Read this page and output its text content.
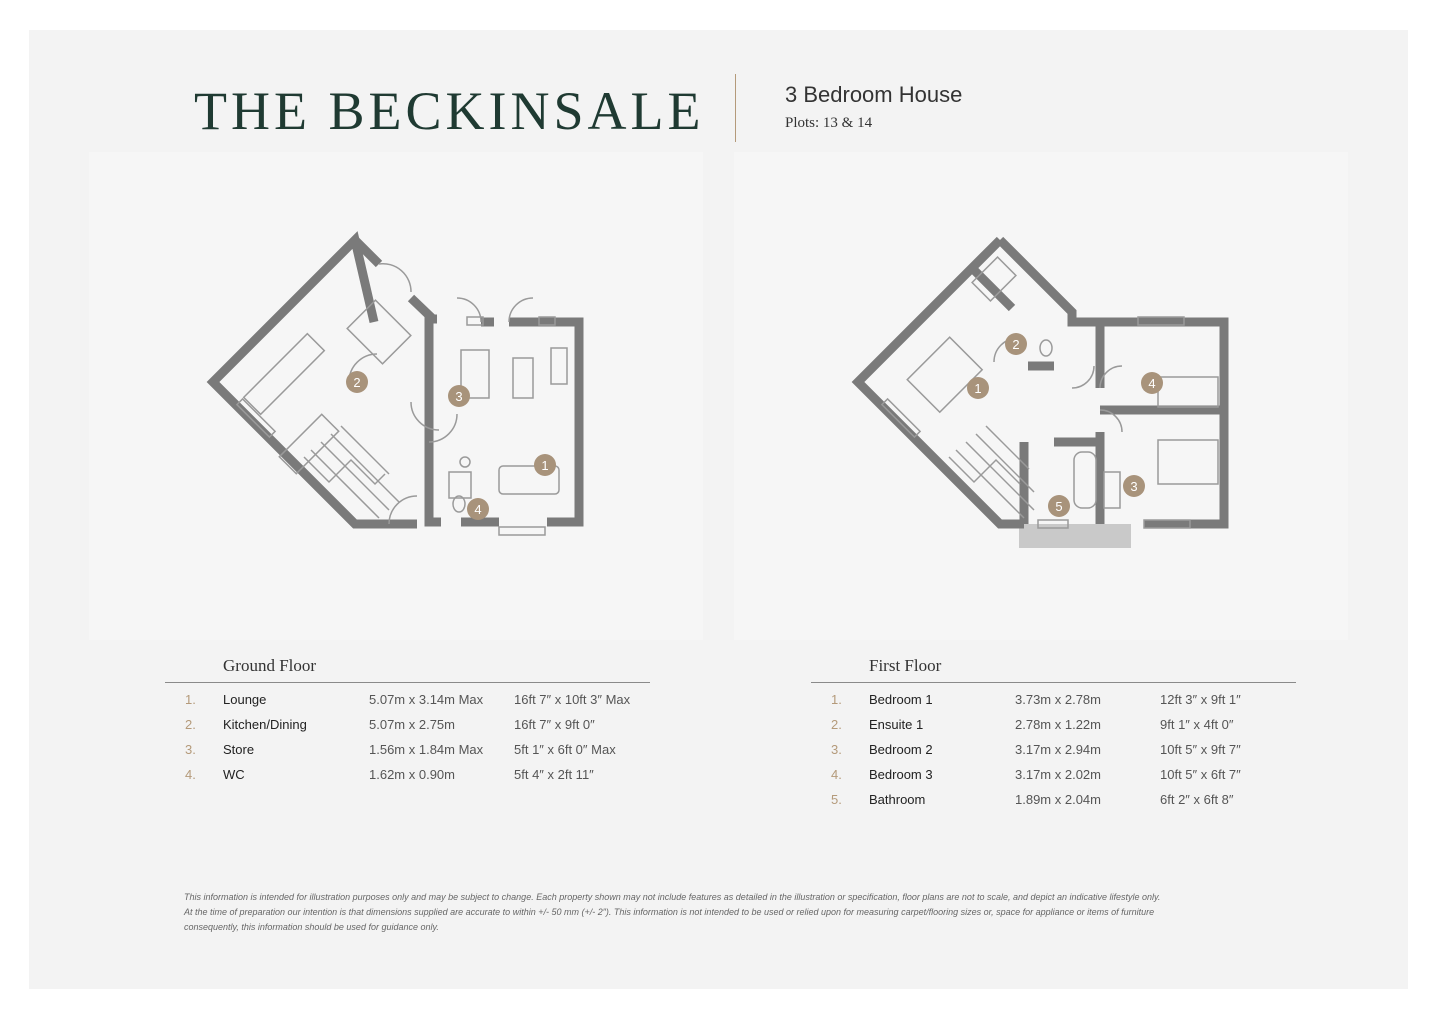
THE BECKINSALE	3 Bedroom House
Plots: 13 & 14
1
2
3
4
1
2
3
4
5
Ground Floor
1. Lounge	5.07m x 3.14m Max 16ft 7″ x 10ft 3″ Max
2. Kitchen/Dining	5.07m x 2.75m	16ft 7″ x 9ft 0″
3. Store	1.56m x 1.84m Max 5ft 1″ x 6ft 0″ Max
4. WC	1.62m x 0.90m	5ft 4″ x 2ft 11″
First Floor
1. Bedroom 1	3.73m x 2.78m	12ft 3″ x 9ft 1″
2. Ensuite 1	2.78m x 1.22m	9ft 1″ x 4ft 0″
3. Bedroom 2	3.17m x 2.94m	10ft 5″ x 9ft 7″
4. Bedroom 3	3.17m x 2.02m	10ft 5″ x 6ft 7″
5. Bathroom	1.89m x 2.04m	6ft 2″ x 6ft 8″
This information is intended for illustration purposes only and may be subject to change. Each property shown may not include features as detailed in the illustration or specification, floor plans are not to scale, and depict an indicative lifestyle only.
At the time of preparation our intention is that dimensions supplied are accurate to within +/- 50 mm (+/- 2″). This information is not intended to be used or relied upon for measuring carpet/flooring sizes or, space for appliance or items of furniture
consequently, this information should be used for guidance only.
